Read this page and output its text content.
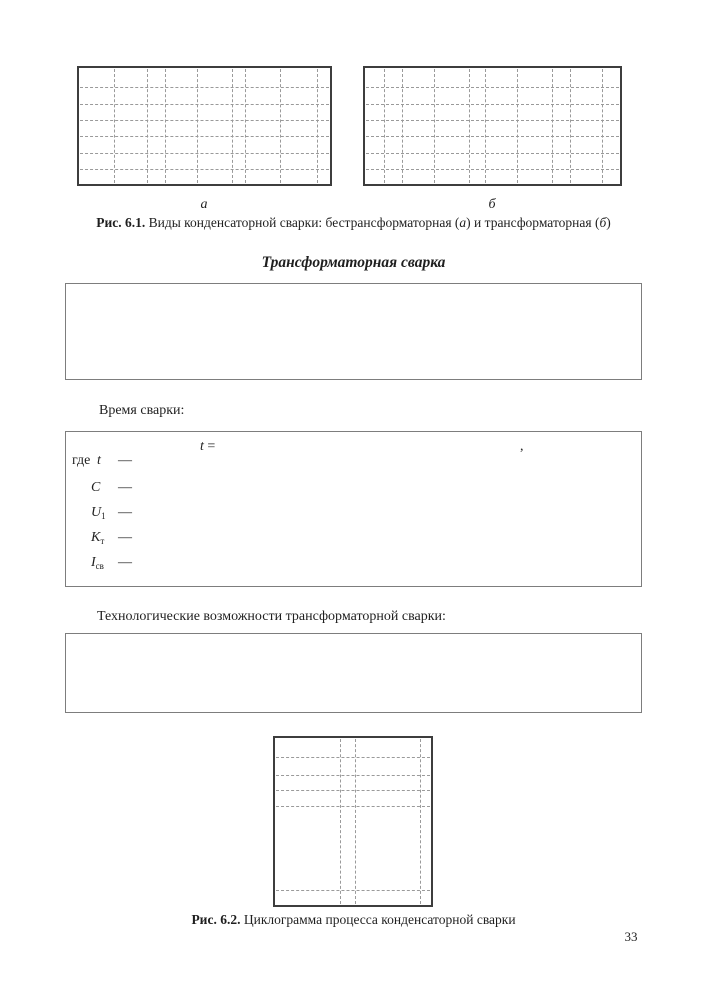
а	б
Рис. 6.1. Виды конденсаторной сварки: бестрансформаторная (а) и трансформаторная (б)
Трансформаторная сварка
Время сварки:
t =	,
где t —
C —
$U_1$ —
$K_т$ —
$I_{св}$ —
Технологические возможности трансформаторной сварки:
Рис. 6.2. Циклограмма процесса конденсаторной сварки
33
